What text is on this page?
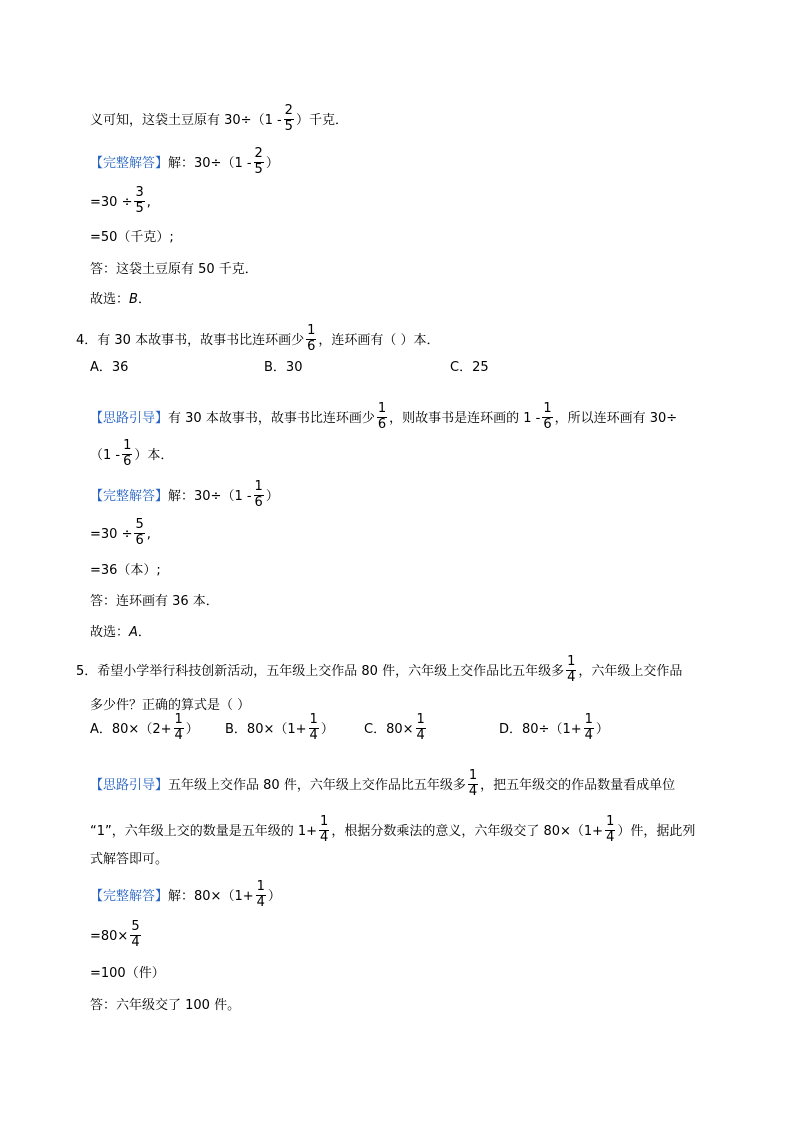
义可知，这袋土豆原有 $30\div(1 - \frac{2}{5}$ ）千克．
【完整解答】 解：$30\div(1 - \frac{2}{5}$ ）
$=30 \div \frac{3}{5}$ ,
=50（千克）;
答：这袋土豆原有 50 千克．
故选： B ．
4．有 30 本故事书，故事书比连环画少 $\frac{1}{6}$ ，连环画有（ ）本．
A．36	B．30	C．25
【思路引导】 有 30 本故事书，故事书比连环画少 $\frac{1}{6}$ ，则故事书是连环画的 $1 - \frac{1}{6}$ ，所以连环画有 30÷
（$1 - \frac{1}{6}$ ）本．
【完整解答】 解：$30\div(1 - \frac{1}{6}$ ）
$=30 \div \frac{5}{6}$ ,
=36（本）;
答：连环画有 36 本．
故选： A ．
5．希望小学举行科技创新活动，五年级上交作品 80 件，六年级上交作品比五年级多 $\frac{1}{4}$ ，六年级上交作品
多少件？正确的算式是（ ）
A．$80\times(2+ \frac{1}{4}$ ） B．$80\times(1+ \frac{1}{4}$ ） C．$80\times \frac{1}{4}$	D．$80\div(1+ \frac{1}{4}$ ）
【思路引导】 五年级上交作品 80 件，六年级上交作品比五年级多 $\frac{1}{4}$ ，把五年级交的作品数量看成单位
“1”，六年级上交的数量是五年级的 $1+ \frac{1}{4}$ ，根据分数乘法的意义，六年级交了 $80\times(1+ \frac{1}{4}$ ）件，据此列
式解答即可。
【完整解答】 解：$80\times(1+ \frac{1}{4}$ ）
$=80\times \frac{5}{4}$
=100（件）
答：六年级交了 100 件。
